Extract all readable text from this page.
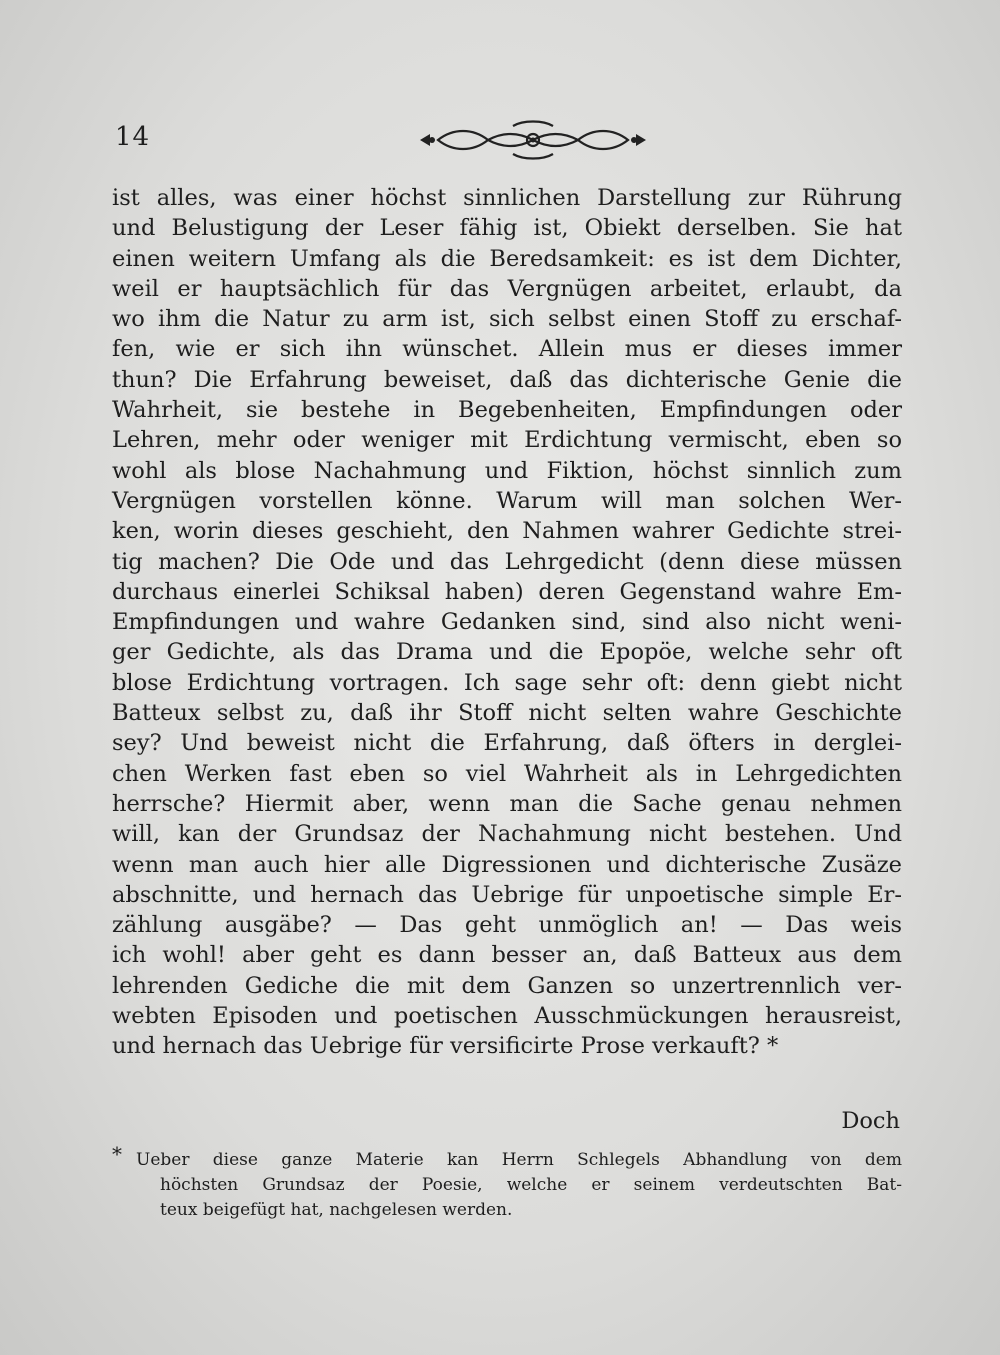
14
ist alles, was einer höchst sinnlichen Darstellung zur Rührung
und Belustigung der Leser fähig ist, Obiekt derselben. Sie hat
einen weitern Umfang als die Beredsamkeit: es ist dem Dichter,
weil er hauptsächlich für das Vergnügen arbeitet, erlaubt, da
wo ihm die Natur zu arm ist, sich selbst einen Stoff zu erschaf-
fen, wie er sich ihn wünschet. Allein mus er dieses immer
thun? Die Erfahrung beweiset, daß das dichterische Genie die
Wahrheit, sie bestehe in Begebenheiten, Empfindungen oder
Lehren, mehr oder weniger mit Erdichtung vermischt, eben so
wohl als blose Nachahmung und Fiktion, höchst sinnlich zum
Vergnügen vorstellen könne. Warum will man solchen Wer-
ken, worin dieses geschieht, den Nahmen wahrer Gedichte strei-
tig machen? Die Ode und das Lehrgedicht (denn diese müssen
durchaus einerlei Schiksal haben) deren Gegenstand wahre Em-
Empfindungen und wahre Gedanken sind, sind also nicht weni-
ger Gedichte, als das Drama und die Epopöe, welche sehr oft
blose Erdichtung vortragen. Ich sage sehr oft: denn giebt nicht
Batteux selbst zu, daß ihr Stoff nicht selten wahre Geschichte
sey? Und beweist nicht die Erfahrung, daß öfters in derglei-
chen Werken fast eben so viel Wahrheit als in Lehrgedichten
herrsche? Hiermit aber, wenn man die Sache genau nehmen
will, kan der Grundsaz der Nachahmung nicht bestehen. Und
wenn man auch hier alle Digressionen und dichterische Zusäze
abschnitte, und hernach das Uebrige für unpoetische simple Er-
zählung ausgäbe? — Das geht unmöglich an! — Das weis
ich wohl! aber geht es dann besser an, daß Batteux aus dem
lehrenden Gediche die mit dem Ganzen so unzertrennlich ver-
webten Episoden und poetischen Ausschmückungen herausreist,
und hernach das Uebrige für versificirte Prose verkauft? *
Doch
* Ueber diese ganze Materie kan Herrn Schlegels Abhandlung von dem
höchsten Grundsaz der Poesie, welche er seinem verdeutschten Bat-
teux beigefügt hat, nachgelesen werden.
